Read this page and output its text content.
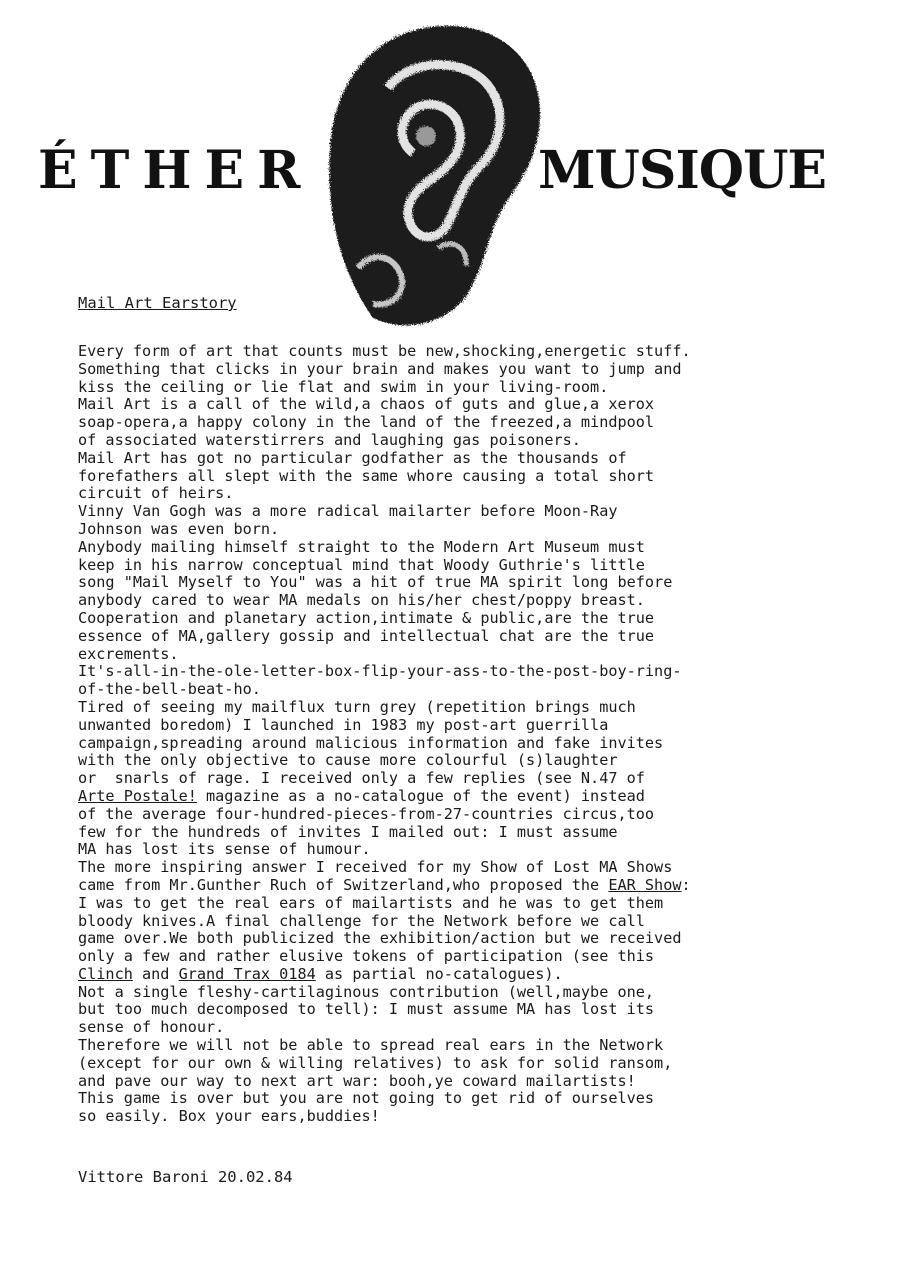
ÉTHER	MUSIQUE
Mail Art Earstory
Every form of art that counts must be new,shocking,energetic stuff.
Something that clicks in your brain and makes you want to jump and
kiss the ceiling or lie flat and swim in your living-room.
Mail Art is a call of the wild,a chaos of guts and glue,a xerox
soap-opera,a happy colony in the land of the freezed,a mindpool
of associated waterstirrers and laughing gas poisoners.
Mail Art has got no particular godfather as the thousands of
forefathers all slept with the same whore causing a total short
circuit of heirs.
Vinny Van Gogh was a more radical mailarter before Moon-Ray
Johnson was even born.
Anybody mailing himself straight to the Modern Art Museum must
keep in his narrow conceptual mind that Woody Guthrie's little
song "Mail Myself to You" was a hit of true MA spirit long before
anybody cared to wear MA medals on his/her chest/poppy breast.
Cooperation and planetary action,intimate & public,are the true
essence of MA,gallery gossip and intellectual chat are the true
excrements.
It's-all-in-the-ole-letter-box-flip-your-ass-to-the-post-boy-ring-
of-the-bell-beat-ho.
Tired of seeing my mailflux turn grey (repetition brings much
unwanted boredom) I launched in 1983 my post-art guerrilla
campaign,spreading around malicious information and fake invites
with the only objective to cause more colourful (s)laughter
or  snarls of rage. I received only a few replies (see N.47 of
Arte Postale! magazine as a no-catalogue of the event) instead
of the average four-hundred-pieces-from-27-countries circus,too
few for the hundreds of invites I mailed out: I must assume
MA has lost its sense of humour.
The more inspiring answer I received for my Show of Lost MA Shows
came from Mr.Gunther Ruch of Switzerland,who proposed the EAR Show:
I was to get the real ears of mailartists and he was to get them
bloody knives.A final challenge for the Network before we call
game over.We both publicized the exhibition/action but we received
only a few and rather elusive tokens of participation (see this
Clinch and Grand Trax 0184 as partial no-catalogues).
Not a single fleshy-cartilaginous contribution (well,maybe one,
but too much decomposed to tell): I must assume MA has lost its
sense of honour.
Therefore we will not be able to spread real ears in the Network
(except for our own & willing relatives) to ask for solid ransom,
and pave our way to next art war: booh,ye coward mailartists!
This game is over but you are not going to get rid of ourselves
so easily. Box your ears,buddies!
Vittore Baroni 20.02.84
